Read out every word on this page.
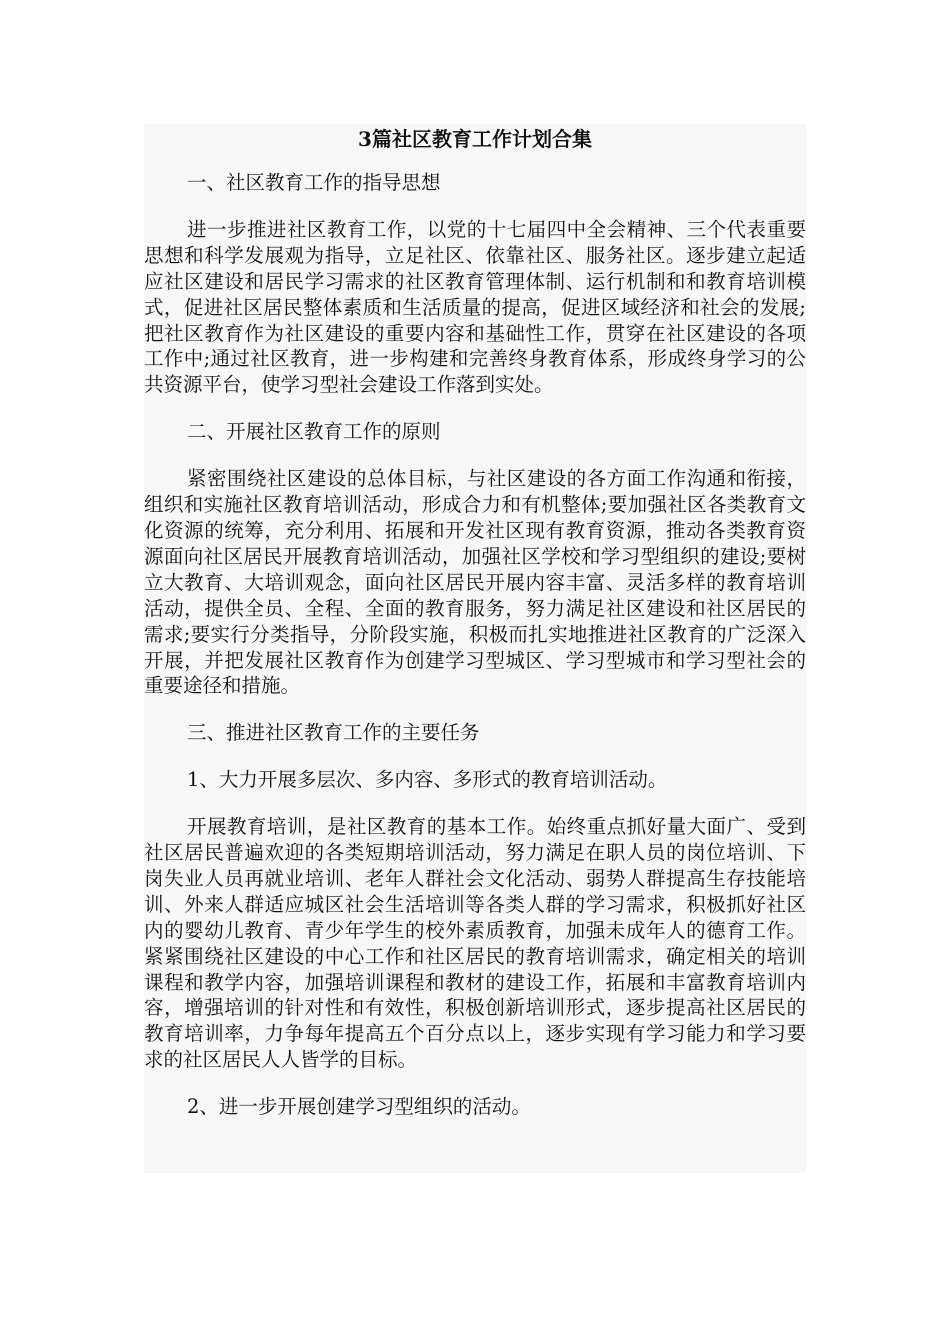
3篇社区教育工作计划合集

一、社区教育工作的指导思想

进一步推进社区教育工作，以党的十七届四中全会精神、三个代表重要思想和科学发展观为指导，立足社区、依靠社区、服务社区。逐步建立起适应社区建设和居民学习需求的社区教育管理体制、运行机制和和教育培训模式，促进社区居民整体素质和生活质量的提高，促进区域经济和社会的发展;把社区教育作为社区建设的重要内容和基础性工作，贯穿在社区建设的各项工作中;通过社区教育，进一步构建和完善终身教育体系，形成终身学习的公共资源平台，使学习型社会建设工作落到实处。

二、开展社区教育工作的原则

紧密围绕社区建设的总体目标，与社区建设的各方面工作沟通和衔接，组织和实施社区教育培训活动，形成合力和有机整体;要加强社区各类教育文化资源的统筹，充分利用、拓展和开发社区现有教育资源，推动各类教育资源面向社区居民开展教育培训活动，加强社区学校和学习型组织的建设;要树立大教育、大培训观念，面向社区居民开展内容丰富、灵活多样的教育培训活动，提供全员、全程、全面的教育服务，努力满足社区建设和社区居民的需求;要实行分类指导，分阶段实施，积极而扎实地推进社区教育的广泛深入开展，并把发展社区教育作为创建学习型城区、学习型城市和学习型社会的重要途径和措施。

三、推进社区教育工作的主要任务

1、大力开展多层次、多内容、多形式的教育培训活动。

开展教育培训，是社区教育的基本工作。始终重点抓好量大面广、受到社区居民普遍欢迎的各类短期培训活动，努力满足在职人员的岗位培训、下岗失业人员再就业培训、老年人群社会文化活动、弱势人群提高生存技能培训、外来人群适应城区社会生活培训等各类人群的学习需求，积极抓好社区内的婴幼儿教育、青少年学生的校外素质教育，加强未成年人的德育工作。紧紧围绕社区建设的中心工作和社区居民的教育培训需求，确定相关的培训课程和教学内容，加强培训课程和教材的建设工作，拓展和丰富教育培训内容，增强培训的针对性和有效性，积极创新培训形式，逐步提高社区居民的教育培训率，力争每年提高五个百分点以上，逐步实现有学习能力和学习要求的社区居民人人皆学的目标。

2、进一步开展创建学习型组织的活动。
